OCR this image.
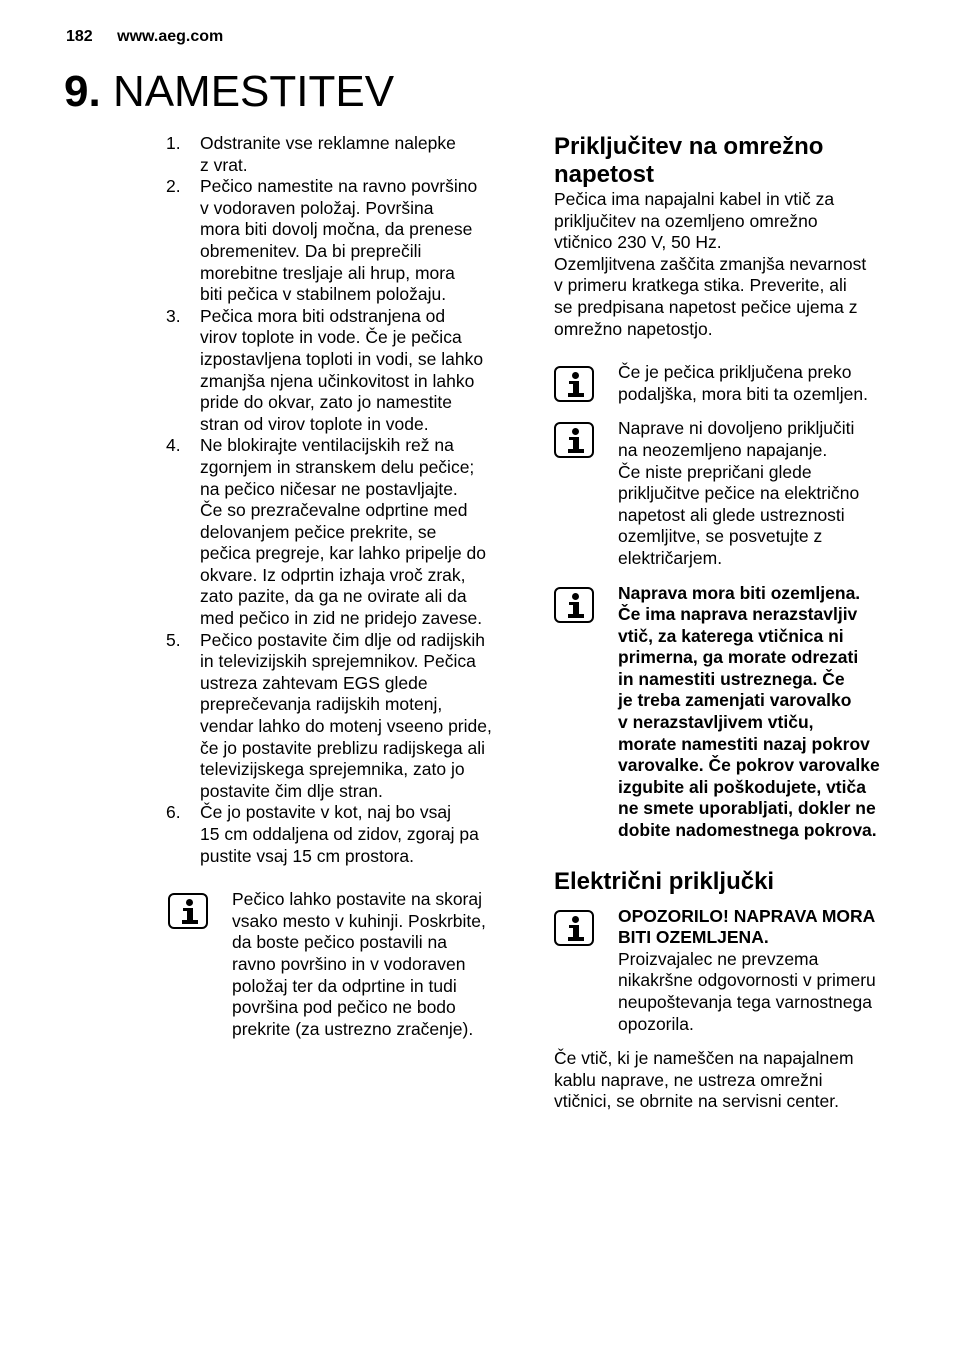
182 www.aeg.com
9. NAMESTITEV
1.	Odstranite vse reklamne nalepke
z vrat.
2.	Pečico namestite na ravno površino
v vodoraven položaj. Površina
mora biti dovolj močna, da prenese
obremenitev. Da bi preprečili
morebitne tresljaje ali hrup, mora
biti pečica v stabilnem položaju.
3.	Pečica mora biti odstranjena od
virov toplote in vode. Če je pečica
izpostavljena toploti in vodi, se lahko
zmanjša njena učinkovitost in lahko
pride do okvar, zato jo namestite
stran od virov toplote in vode.
4.	Ne blokirajte ventilacijskih rež na
zgornjem in stranskem delu pečice;
na pečico ničesar ne postavljajte.
Če so prezračevalne odprtine med
delovanjem pečice prekrite, se
pečica pregreje, kar lahko pripelje do
okvare. Iz odprtin izhaja vroč zrak,
zato pazite, da ga ne ovirate ali da
med pečico in zid ne pridejo zavese.
5.	Pečico postavite čim dlje od radijskih
in televizijskih sprejemnikov. Pečica
ustreza zahtevam EGS glede
preprečevanja radijskih motenj,
vendar lahko do motenj vseeno pride,
če jo postavite preblizu radijskega ali
televizijskega sprejemnika, zato jo
postavite čim dlje stran.
6.	Če jo postavite v kot, naj bo vsaj
15 cm oddaljena od zidov, zgoraj pa
pustite vsaj 15 cm prostora.
Pečico lahko postavite na skoraj
vsako mesto v kuhinji. Poskrbite,
da boste pečico postavili na
ravno površino in v vodoraven
položaj ter da odprtine in tudi
površina pod pečico ne bodo
prekrite (za ustrezno zračenje).
Priključitev na omrežno napetost

Pečica ima napajalni kabel in vtič za
priključitev na ozemljeno omrežno
vtičnico 230 V, 50 Hz.

Ozemljitvena zaščita zmanjša nevarnost
v primeru kratkega stika. Preverite, ali
se predpisana napetost pečice ujema z
omrežno napetostjo.

Če je pečica priključena preko
podaljška, mora biti ta ozemljen.
Naprave ni dovoljeno priključiti
na neozemljeno napajanje.
Če niste prepričani glede
priključitve pečice na električno
napetost ali glede ustreznosti
ozemljitve, se posvetujte z
električarjem.
Naprava mora biti ozemljena.
Če ima naprava nerazstavljiv
vtič, za katerega vtičnica ni
primerna, ga morate odrezati
in namestiti ustreznega. Če
je treba zamenjati varovalko
v nerazstavljivem vtiču,
morate namestiti nazaj pokrov
varovalke. Če pokrov varovalke
izgubite ali poškodujete, vtiča
ne smete uporabljati, dokler ne
dobite nadomestnega pokrova.
Električni priključki
OPOZORILO! NAPRAVA MORA
BITI OZEMLJENA.
Proizvajalec ne prevzema
nikakršne odgovornosti v primeru
neupoštevanja tega varnostnega
opozorila.

Če vtič, ki je nameščen na napajalnem
kablu naprave, ne ustreza omrežni
vtičnici, se obrnite na servisni center.
